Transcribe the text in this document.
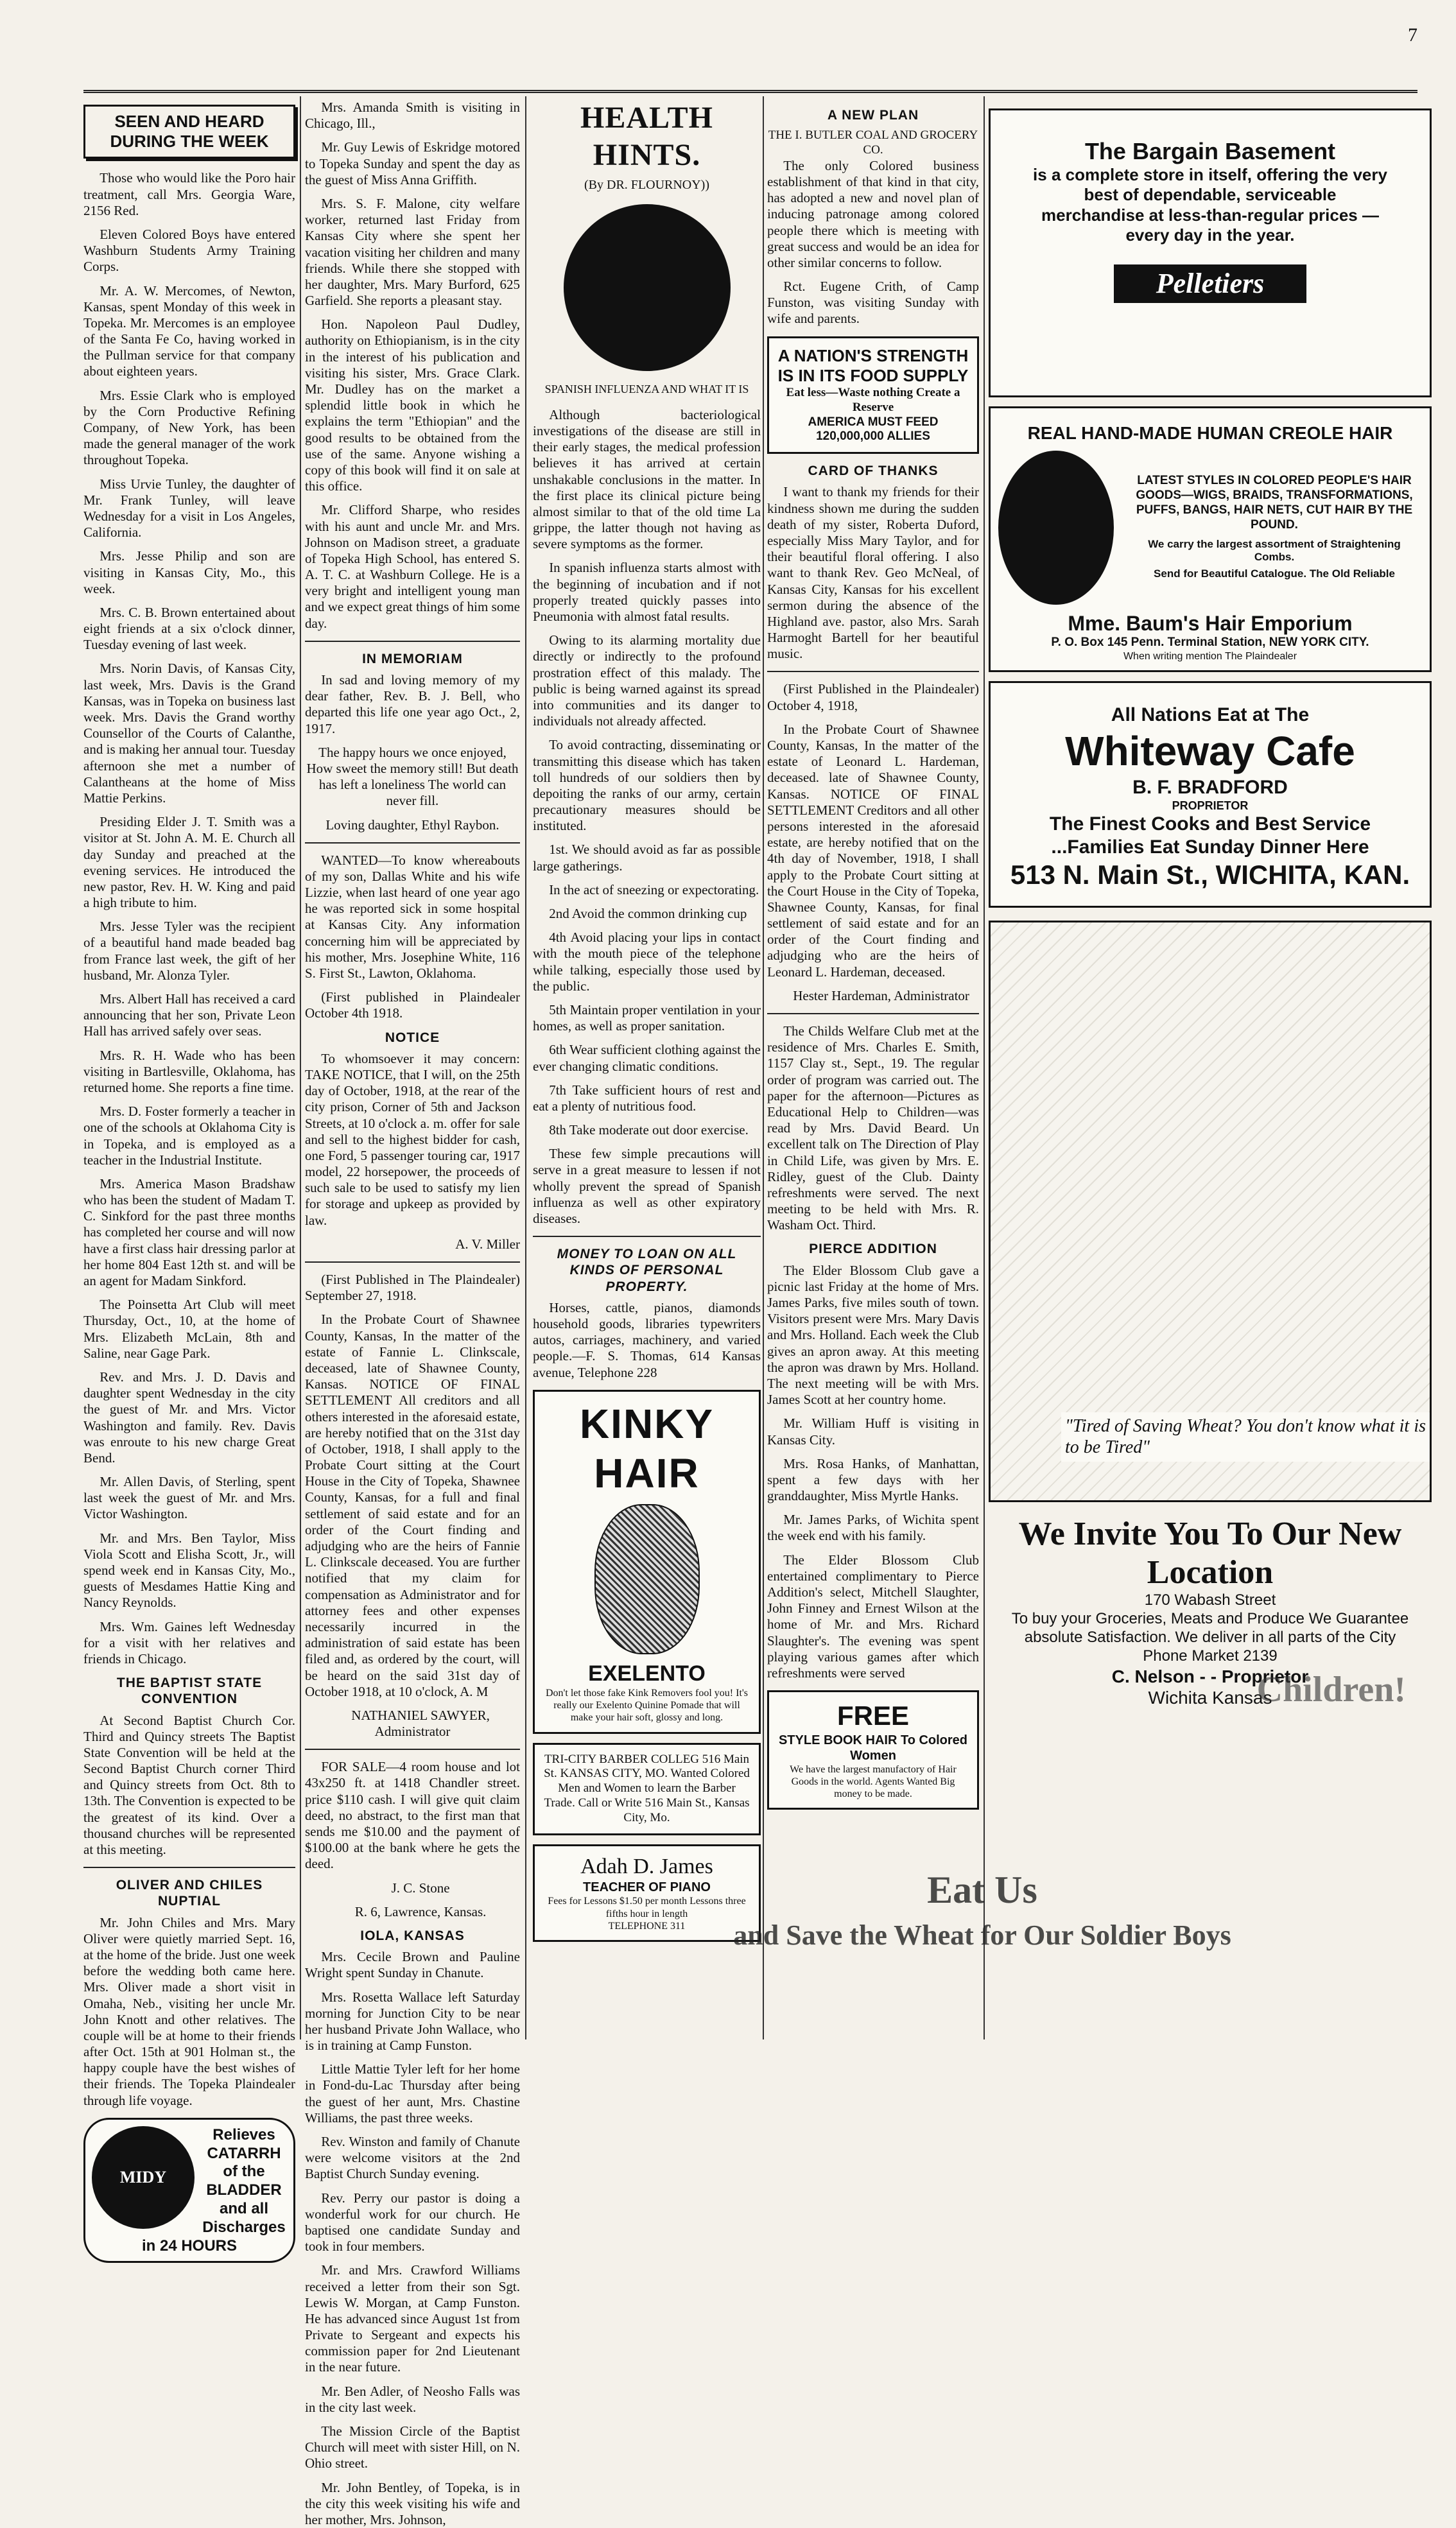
7
SEEN AND HEARD DURING THE WEEK

Those who would like the Poro hair treatment, call Mrs. Georgia Ware, 2156 Red.

Eleven Colored Boys have entered Washburn Students Army Training Corps.

Mr. A. W. Mercomes, of Newton, Kansas, spent Monday of this week in Topeka. Mr. Mercomes is an employee of the Santa Fe Co, having worked in the Pullman service for that company about eighteen years.

Mrs. Essie Clark who is employed by the Corn Productive Refining Company, of New York, has been made the general manager of the work throughout Topeka.

Miss Urvie Tunley, the daughter of Mr. Frank Tunley, will leave Wednesday for a visit in Los Angeles, California.

Mrs. Jesse Philip and son are visiting in Kansas City, Mo., this week.

Mrs. C. B. Brown entertained about eight friends at a six o'clock dinner, Tuesday evening of last week.

Mrs. Norin Davis, of Kansas City, last week, Mrs. Davis is the Grand Kansas, was in Topeka on business last week. Mrs. Davis the Grand worthy Counsellor of the Courts of Calanthe, and is making her annual tour. Tuesday afternoon she met a number of Calantheans at the home of Miss Mattie Perkins.

Presiding Elder J. T. Smith was a visitor at St. John A. M. E. Church all day Sunday and preached at the evening services. He introduced the new pastor, Rev. H. W. King and paid a high tribute to him.

Mrs. Jesse Tyler was the recipient of a beautiful hand made beaded bag from France last week, the gift of her husband, Mr. Alonza Tyler.

Mrs. Albert Hall has received a card announcing that her son, Private Leon Hall has arrived safely over seas.

Mrs. R. H. Wade who has been visiting in Bartlesville, Oklahoma, has returned home. She reports a fine time.

Mrs. D. Foster formerly a teacher in one of the schools at Oklahoma City is in Topeka, and is employed as a teacher in the Industrial Institute.

Mrs. America Mason Bradshaw who has been the student of Madam T. C. Sinkford for the past three months has completed her course and will now have a first class hair dressing parlor at her home 804 East 12th st. and will be an agent for Madam Sinkford.

The Poinsetta Art Club will meet Thursday, Oct., 10, at the home of Mrs. Elizabeth McLain, 8th and Saline, near Gage Park.

Rev. and Mrs. J. D. Davis and daughter spent Wednesday in the city the guest of Mr. and Mrs. Victor Washington and family. Rev. Davis was enroute to his new charge Great Bend.

Mr. Allen Davis, of Sterling, spent last week the guest of Mr. and Mrs. Victor Washington.

Mr. and Mrs. Ben Taylor, Miss Viola Scott and Elisha Scott, Jr., will spend week end in Kansas City, Mo., guests of Mesdames Hattie King and Nancy Reynolds.

Mrs. Wm. Gaines left Wednesday for a visit with her relatives and friends in Chicago.

THE BAPTIST STATE CONVENTION

At Second Baptist Church Cor. Third and Quincy streets The Baptist State Convention will be held at the Second Baptist Church corner Third and Quincy streets from Oct. 8th to 13th. The Convention is expected to be the greatest of its kind. Over a thousand churches will be represented at this meeting.

OLIVER AND CHILES NUPTIAL

Mr. John Chiles and Mrs. Mary Oliver were quietly married Sept. 16, at the home of the bride. Just one week before the wedding both came here. Mrs. Oliver made a short visit in Omaha, Neb., visiting her uncle Mr. John Knott and other relatives. The couple will be at home to their friends after Oct. 15th at 901 Holman st., the happy couple have the best wishes of their friends. The Topeka Plaindealer through life voyage.

MIDY
Relieves CATARRH of the BLADDER and all Discharges in 24 HOURS

Mrs. Amanda Smith is visiting in Chicago, Ill.,

Mr. Guy Lewis of Eskridge motored to Topeka Sunday and spent the day as the guest of Miss Anna Griffith.

Mrs. S. F. Malone, city welfare worker, returned last Friday from Kansas City where she spent her vacation visiting her children and many friends. While there she stopped with her daughter, Mrs. Mary Burford, 625 Garfield. She reports a pleasant stay.

Hon. Napoleon Paul Dudley, authority on Ethiopianism, is in the city in the interest of his publication and visiting his sister, Mrs. Grace Clark. Mr. Dudley has on the market a splendid little book in which he explains the term "Ethiopian" and the good results to be obtained from the use of the same. Anyone wishing a copy of this book will find it on sale at this office.

Mr. Clifford Sharpe, who resides with his aunt and uncle Mr. and Mrs. Johnson on Madison street, a graduate of Topeka High School, has entered S. A. T. C. at Washburn College. He is a very bright and intelligent young man and we expect great things of him some day.

IN MEMORIAM

In sad and loving memory of my dear father, Rev. B. J. Bell, who departed this life one year ago Oct., 2, 1917.

The happy hours we once enjoyed, How sweet the memory still! But death has left a loneliness The world can never fill.

Loving daughter, Ethyl Raybon.

WANTED—To know whereabouts of my son, Dallas White and his wife Lizzie, when last heard of one year ago he was reported sick in some hospital at Kansas City. Any information concerning him will be appreciated by his mother, Mrs. Josephine White, 116 S. First St., Lawton, Oklahoma.

(First published in Plaindealer October 4th 1918.

NOTICE

To whomsoever it may concern: TAKE NOTICE, that I will, on the 25th day of October, 1918, at the rear of the city prison, Corner of 5th and Jackson Streets, at 10 o'clock a. m. offer for sale and sell to the highest bidder for cash, one Ford, 5 passenger touring car, 1917 model, 22 horsepower, the proceeds of such sale to be used to satisfy my lien for storage and upkeep as provided by law.

A. V. Miller

(First Published in The Plaindealer) September 27, 1918.

In the Probate Court of Shawnee County, Kansas, In the matter of the estate of Fannie L. Clinkscale, deceased, late of Shawnee County, Kansas. NOTICE OF FINAL SETTLEMENT All creditors and all others interested in the aforesaid estate, are hereby notified that on the 31st day of October, 1918, I shall apply to the Probate Court sitting at the Court House in the City of Topeka, Shawnee County, Kansas, for a full and final settlement of said estate and for an order of the Court finding and adjudging who are the heirs of Fannie L. Clinkscale deceased. You are further notified that my claim for compensation as Administrator and for attorney fees and other expenses necessarily incurred in the administration of said estate has been filed and, as ordered by the court, will be heard on the said 31st day of October 1918, at 10 o'clock, A. M

NATHANIEL SAWYER, Administrator

FOR SALE—4 room house and lot 43x250 ft. at 1418 Chandler street. price $110 cash. I will give quit claim deed, no abstract, to the first man that sends me $10.00 and the payment of $100.00 at the bank where he gets the deed.

J. C. Stone

R. 6, Lawrence, Kansas.

IOLA, KANSAS

Mrs. Cecile Brown and Pauline Wright spent Sunday in Chanute.

Mrs. Rosetta Wallace left Saturday morning for Junction City to be near her husband Private John Wallace, who is in training at Camp Funston.

Little Mattie Tyler left for her home in Fond-du-Lac Thursday after being the guest of her aunt, Mrs. Chastine Williams, the past three weeks.

Rev. Winston and family of Chanute were welcome visitors at the 2nd Baptist Church Sunday evening.

Rev. Perry our pastor is doing a wonderful work for our church. He baptised one candidate Sunday and took in four members.

Mr. and Mrs. Crawford Williams received a letter from their son Sgt. Lewis W. Morgan, at Camp Funston. He has advanced since August 1st from Private to Sergeant and expects his commission paper for 2nd Lieutenant in the near future.

Mr. Ben Adler, of Neosho Falls was in the city last week.

The Mission Circle of the Baptist Church will meet with sister Hill, on N. Ohio street.

Mr. John Bentley, of Topeka, is in the city this week visiting his wife and her mother, Mrs. Johnson,

HEALTH HINTS.
(By DR. FLOURNOY))
SPANISH INFLUENZA AND WHAT IT IS

Although bacteriological investigations of the disease are still in their early stages, the medical profession believes it has arrived at certain unshakable conclusions in the matter. In the first place its clinical picture being almost similar to that of the old time La grippe, the latter though not having as severe symptoms as the former.

In spanish influenza starts almost with the beginning of incubation and if not properly treated quickly passes into Pneumonia with almost fatal results.

Owing to its alarming mortality due directly or indirectly to the profound prostration effect of this malady. The public is being warned against its spread into communities and its danger to individuals not already affected.

To avoid contracting, disseminating or transmitting this disease which has taken toll hundreds of our soldiers then by depoiting the ranks of our army, certain precautionary measures should be instituted.

1st. We should avoid as far as possible large gatherings.

In the act of sneezing or expectorating.

2nd Avoid the common drinking cup

4th Avoid placing your lips in contact with the mouth piece of the telephone while talking, especially those used by the public.

5th Maintain proper ventilation in your homes, as well as proper sanitation.

6th Wear sufficient clothing against the ever changing climatic conditions.

7th Take sufficient hours of rest and eat a plenty of nutritious food.

8th Take moderate out door exercise.

These few simple precautions will serve in a great measure to lessen if not wholly prevent the spread of Spanish influenza as well as other expiratory diseases.

MONEY TO LOAN ON ALL KINDS OF PERSONAL PROPERTY.

Horses, cattle, pianos, diamonds household goods, libraries typewriters autos, carriages, machinery, and varied people.—F. S. Thomas, 614 Kansas avenue, Telephone 228

KINKY HAIR
EXELENTO
Don't let those fake Kink Removers fool you! It's really our Exelento Quinine Pomade that will make your hair soft, glossy and long.
TRI-CITY BARBER COLLEG 516 Main St. KANSAS CITY, MO. Wanted Colored Men and Women to learn the Barber Trade. Call or Write 516 Main St., Kansas City, Mo.
Adah D. James
TEACHER OF PIANO
Fees for Lessons $1.50 per month Lessons three fifths hour in length
TELEPHONE 311
A NEW PLAN
THE I. BUTLER COAL AND GROCERY CO.

The only Colored business establishment of that kind in that city, has adopted a new and novel plan of inducing patronage among colored people there which is meeting with great success and would be an idea for other similar concerns to follow.

Rct. Eugene Crith, of Camp Funston, was visiting Sunday with wife and parents.

A NATION'S STRENGTH IS IN ITS FOOD SUPPLY
Eat less—Waste nothing Create a Reserve
AMERICA MUST FEED 120,000,000 ALLIES
CARD OF THANKS

I want to thank my friends for their kindness shown me during the sudden death of my sister, Roberta Duford, especially Miss Mary Taylor, and for their beautiful floral offering. I also want to thank Rev. Geo McNeal, of Kansas City, Kansas for his excellent sermon during the absence of the Highland ave. pastor, also Mrs. Sarah Harmoght Bartell for her beautiful music.

(First Published in the Plaindealer) October 4, 1918,

In the Probate Court of Shawnee County, Kansas, In the matter of the estate of Leonard L. Hardeman, deceased. late of Shawnee County, Kansas. NOTICE OF FINAL SETTLEMENT Creditors and all other persons interested in the aforesaid estate, are hereby notified that on the 4th day of November, 1918, I shall apply to the Probate Court sitting at the Court House in the City of Topeka, Shawnee County, Kansas, for final settlement of said estate and for an order of the Court finding and adjudging who are the heirs of Leonard L. Hardeman, deceased.

Hester Hardeman, Administrator

The Childs Welfare Club met at the residence of Mrs. Charles E. Smith, 1157 Clay st., Sept., 19. The regular order of program was carried out. The paper for the afternoon—Pictures as Educational Help to Children—was read by Mrs. David Beard. Un excellent talk on The Direction of Play in Child Life, was given by Mrs. E. Ridley, guest of the Club. Dainty refreshments were served. The next meeting to be held with Mrs. R. Washam Oct. Third.

PIERCE ADDITION

The Elder Blossom Club gave a picnic last Friday at the home of Mrs. James Parks, five miles south of town. Visitors present were Mrs. Mary Davis and Mrs. Holland. Each week the Club gives an apron away. At this meeting the apron was drawn by Mrs. Holland. The next meeting will be with Mrs. James Scott at her country home.

Mr. William Huff is visiting in Kansas City.

Mrs. Rosa Hanks, of Manhattan, spent a few days with her granddaughter, Miss Myrtle Hanks.

Mr. James Parks, of Wichita spent the week end with his family.

The Elder Blossom Club entertained complimentary to Pierce Addition's select, Mitchell Slaughter, John Finney and Ernest Wilson at the home of Mr. and Mrs. Richard Slaughter's. The evening was spent playing various games after which refreshments were served

FREE
STYLE BOOK HAIR To Colored Women
We have the largest manufactory of Hair Goods in the world. Agents Wanted Big money to be made.
The Bargain Basement
is a complete store in itself, offering the very best of dependable, serviceable merchandise at less-than-regular prices —every day in the year.
Pelletiers
REAL HAND-MADE HUMAN CREOLE HAIR
LATEST STYLES IN COLORED PEOPLE'S HAIR GOODS—WIGS, BRAIDS, TRANSFORMATIONS, PUFFS, BANGS, HAIR NETS, CUT HAIR BY THE POUND.
We carry the largest assortment of Straightening Combs.
Send for Beautiful Catalogue. The Old Reliable
Mme. Baum's Hair Emporium
P. O. Box 145 Penn. Terminal Station, NEW YORK CITY.
When writing mention The Plaindealer
All Nations Eat at The
Whiteway Cafe
B. F. BRADFORD
PROPRIETOR
The Finest Cooks and Best Service
...Families Eat Sunday Dinner Here
513 N. Main St., WICHITA, KAN.
"Tired of Saving Wheat? You don't know what it is to be Tired"
We Invite You To Our New Location
170 Wabash Street
To buy your Groceries, Meats and Produce We Guarantee absolute Satisfaction. We deliver in all parts of the City
Phone Market 2139
C. Nelson - - Proprietor
Wichita Kansas
Children!
Eat Us
and Save the Wheat for Our Soldier Boys
